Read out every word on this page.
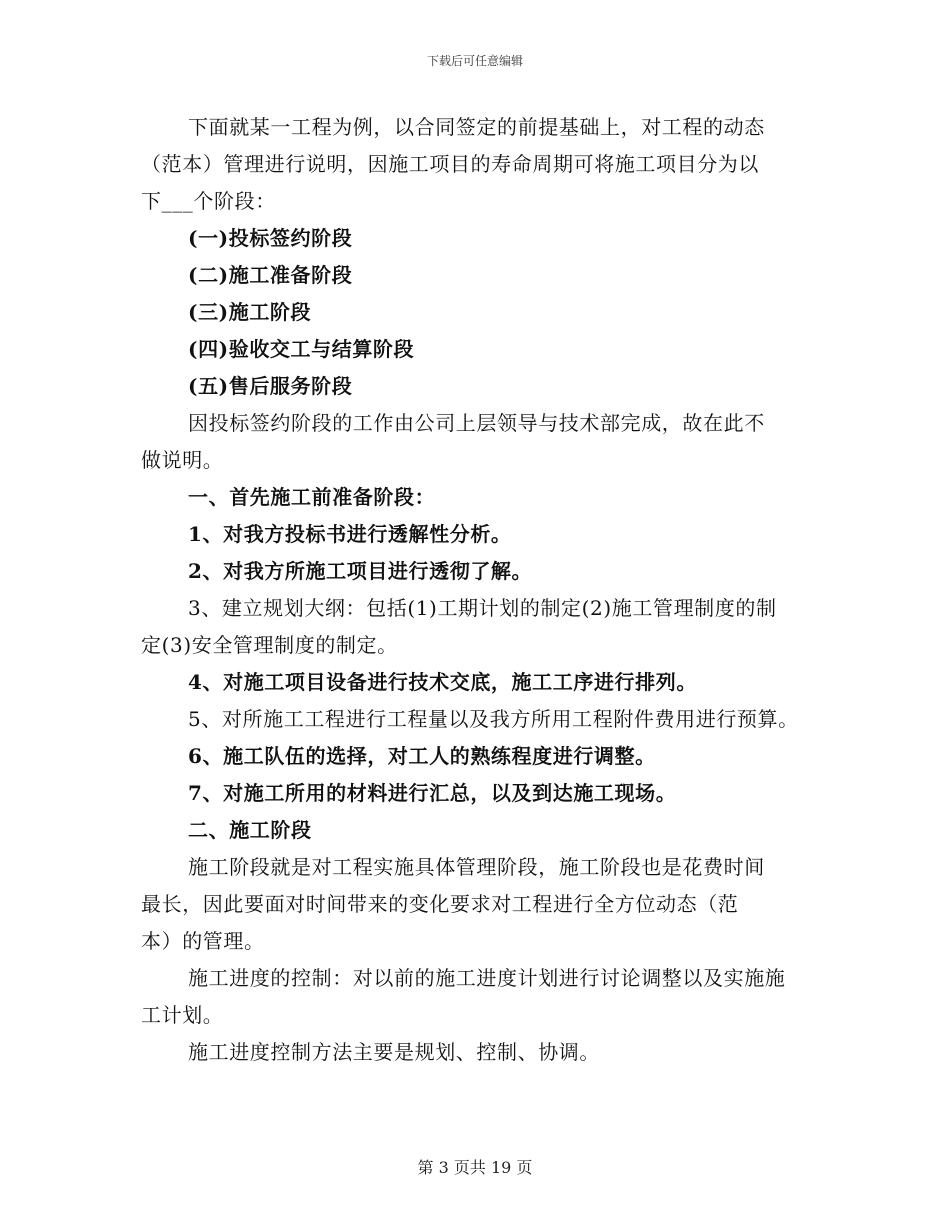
下载后可任意编辑
下面就某一工程为例，以合同签定的前提基础上，对工程的动态
（范本）管理进行说明，因施工项目的寿命周期可将施工项目分为以
下___个阶段：
(一)投标签约阶段
(二)施工准备阶段
(三)施工阶段
(四)验收交工与结算阶段
(五)售后服务阶段
因投标签约阶段的工作由公司上层领导与技术部完成，故在此不
做说明。
一、首先施工前准备阶段：
1、对我方投标书进行透解性分析。
2、对我方所施工项目进行透彻了解。
3、建立规划大纲：包括(1)工期计划的制定(2)施工管理制度的制
定(3)安全管理制度的制定。
4、对施工项目设备进行技术交底，施工工序进行排列。
5、对所施工工程进行工程量以及我方所用工程附件费用进行预算。
6、施工队伍的选择，对工人的熟练程度进行调整。
7、对施工所用的材料进行汇总，以及到达施工现场。
二、施工阶段
施工阶段就是对工程实施具体管理阶段，施工阶段也是花费时间
最长，因此要面对时间带来的变化要求对工程进行全方位动态（范
本）的管理。
施工进度的控制：对以前的施工进度计划进行讨论调整以及实施施
工计划。
施工进度控制方法主要是规划、控制、协调。
第 3 页共 19 页
